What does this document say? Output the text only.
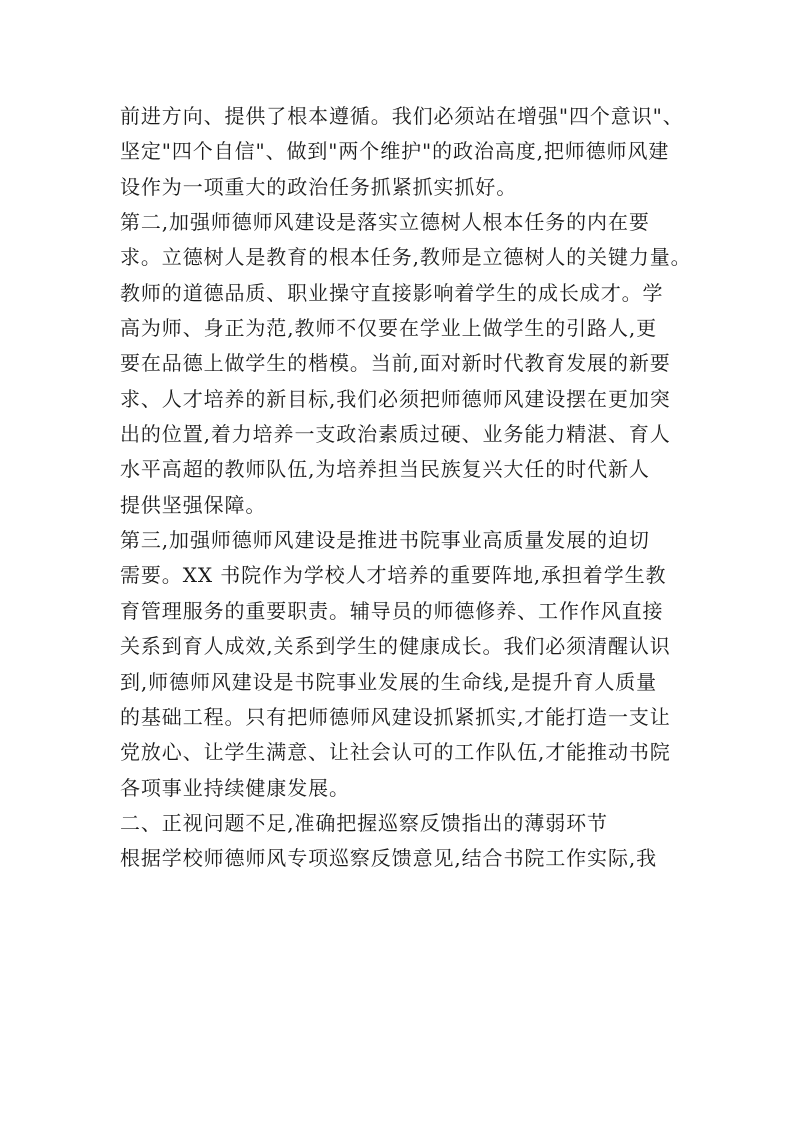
前进方向、提供了根本遵循。我们必须站在增强"四个意识"、
坚定"四个自信"、做到"两个维护"的政治高度,把师德师风建
设作为一项重大的政治任务抓紧抓实抓好。
第二,加强师德师风建设是落实立德树人根本任务的内在要
求。立德树人是教育的根本任务,教师是立德树人的关键力量。
教师的道德品质、职业操守直接影响着学生的成长成才。学
高为师、身正为范,教师不仅要在学业上做学生的引路人,更
要在品德上做学生的楷模。当前,面对新时代教育发展的新要
求、人才培养的新目标,我们必须把师德师风建设摆在更加突
出的位置,着力培养一支政治素质过硬、业务能力精湛、育人
水平高超的教师队伍,为培养担当民族复兴大任的时代新人
提供坚强保障。
第三,加强师德师风建设是推进书院事业高质量发展的迫切
需要。XX 书院作为学校人才培养的重要阵地,承担着学生教
育管理服务的重要职责。辅导员的师德修养、工作作风直接
关系到育人成效,关系到学生的健康成长。我们必须清醒认识
到,师德师风建设是书院事业发展的生命线,是提升育人质量
的基础工程。只有把师德师风建设抓紧抓实,才能打造一支让
党放心、让学生满意、让社会认可的工作队伍,才能推动书院
各项事业持续健康发展。
二、正视问题不足,准确把握巡察反馈指出的薄弱环节
根据学校师德师风专项巡察反馈意见,结合书院工作实际,我
